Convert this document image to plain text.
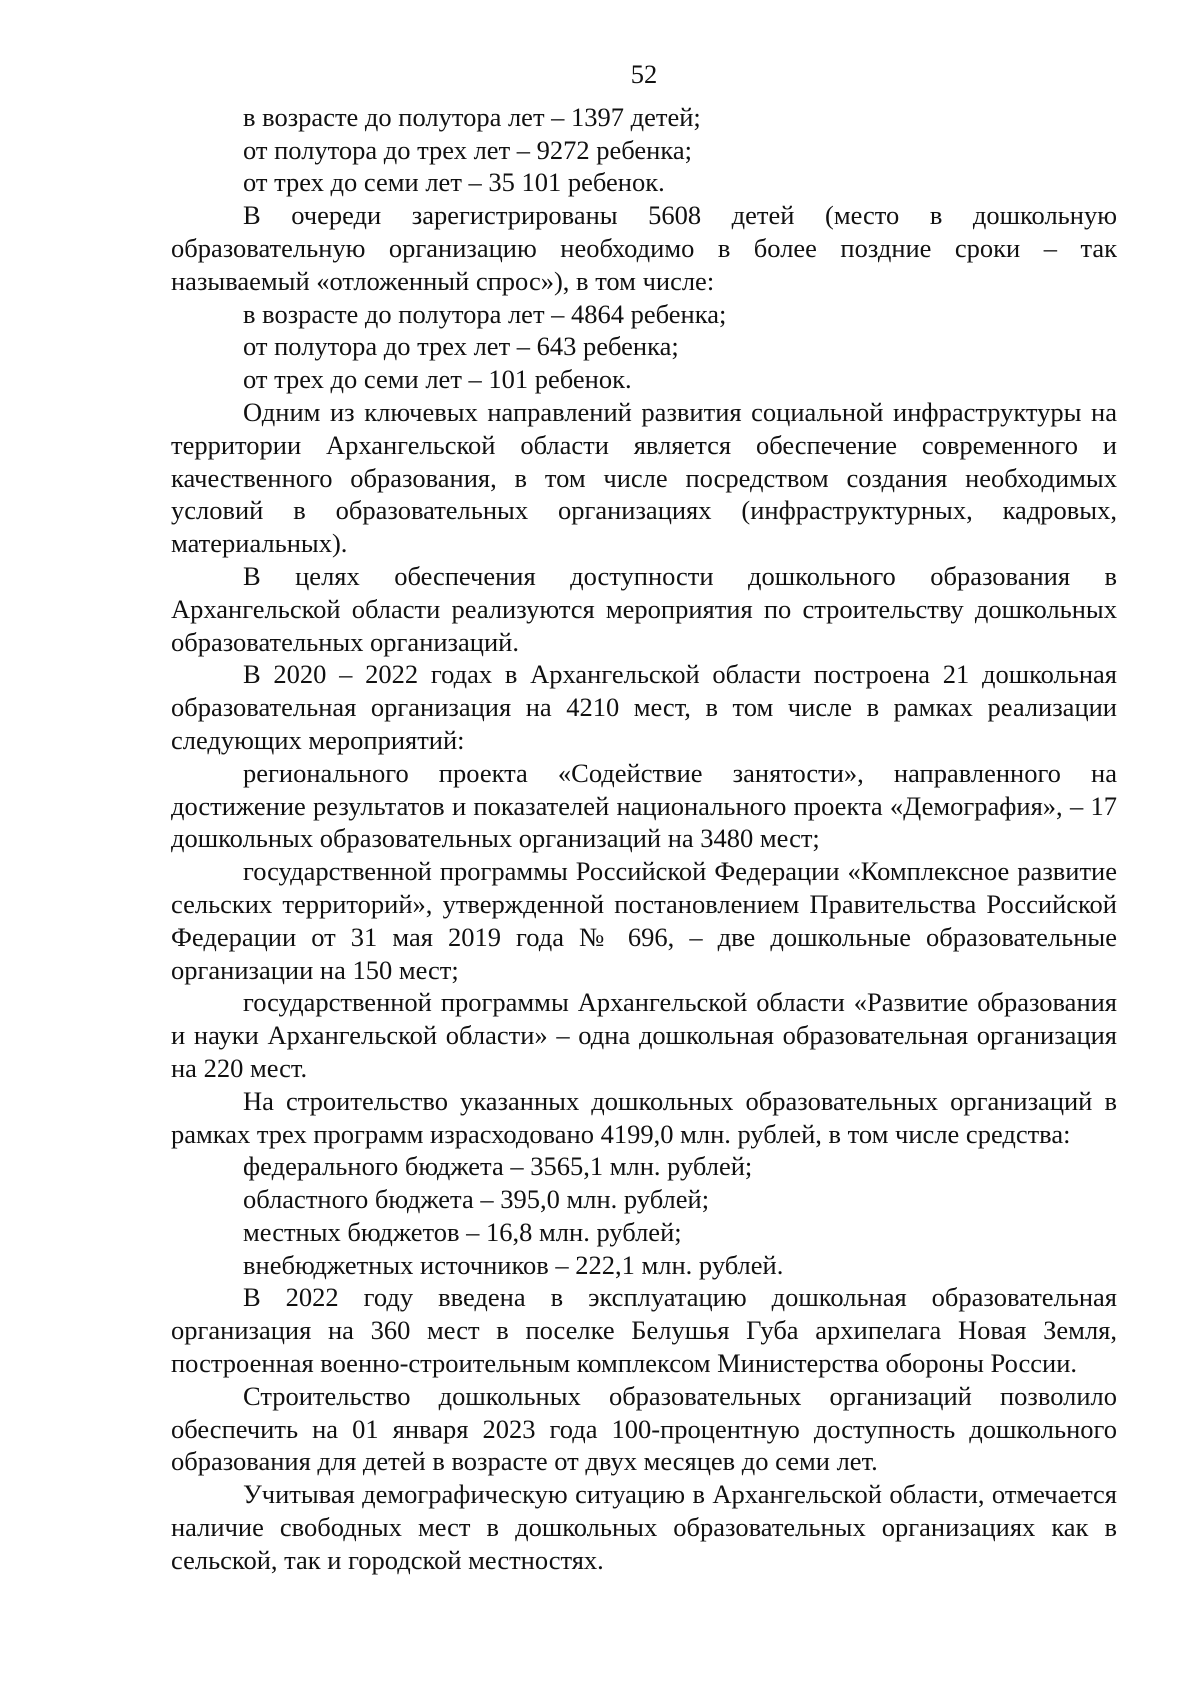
52

в возрасте до полутора лет – 1397 детей;

от полутора до трех лет – 9272 ребенка;

от трех до семи лет – 35 101 ребенок.

В очереди зарегистрированы 5608 детей (место в дошкольную образовательную организацию необходимо в более поздние сроки – так называемый «отложенный спрос»), в том числе:

в возрасте до полутора лет – 4864 ребенка;

от полутора до трех лет – 643 ребенка;

от трех до семи лет – 101 ребенок.

Одним из ключевых направлений развития социальной инфраструктуры на территории Архангельской области является обеспечение современного и качественного образования, в том числе посредством создания необходимых условий в образовательных организациях (инфраструктурных, кадровых, материальных).

В целях обеспечения доступности дошкольного образования в Архангельской области реализуются мероприятия по строительству дошкольных образовательных организаций.

В 2020 – 2022 годах в Архангельской области построена 21 дошкольная образовательная организация на 4210 мест, в том числе в рамках реализации следующих мероприятий:

регионального проекта «Содействие занятости», направленного на достижение результатов и показателей национального проекта «Демография», – 17 дошкольных образовательных организаций на 3480 мест;

государственной программы Российской Федерации «Комплексное развитие сельских территорий», утвержденной постановлением Правительства Российской Федерации от 31 мая 2019 года № 696, – две дошкольные образовательные организации на 150 мест;

государственной программы Архангельской области «Развитие образования и науки Архангельской области» – одна дошкольная образовательная организация на 220 мест.

На строительство указанных дошкольных образовательных организаций в рамках трех программ израсходовано 4199,0 млн. рублей, в том числе средства:

федерального бюджета – 3565,1 млн. рублей;

областного бюджета – 395,0 млн. рублей;

местных бюджетов – 16,8 млн. рублей;

внебюджетных источников – 222,1 млн. рублей.

В 2022 году введена в эксплуатацию дошкольная образовательная организация на 360 мест в поселке Белушья Губа архипелага Новая Земля, построенная военно-строительным комплексом Министерства обороны России.

Строительство дошкольных образовательных организаций позволило обеспечить на 01 января 2023 года 100-процентную доступность дошкольного образования для детей в возрасте от двух месяцев до семи лет.

Учитывая демографическую ситуацию в Архангельской области, отмечается наличие свободных мест в дошкольных образовательных организациях как в сельской, так и городской местностях.
